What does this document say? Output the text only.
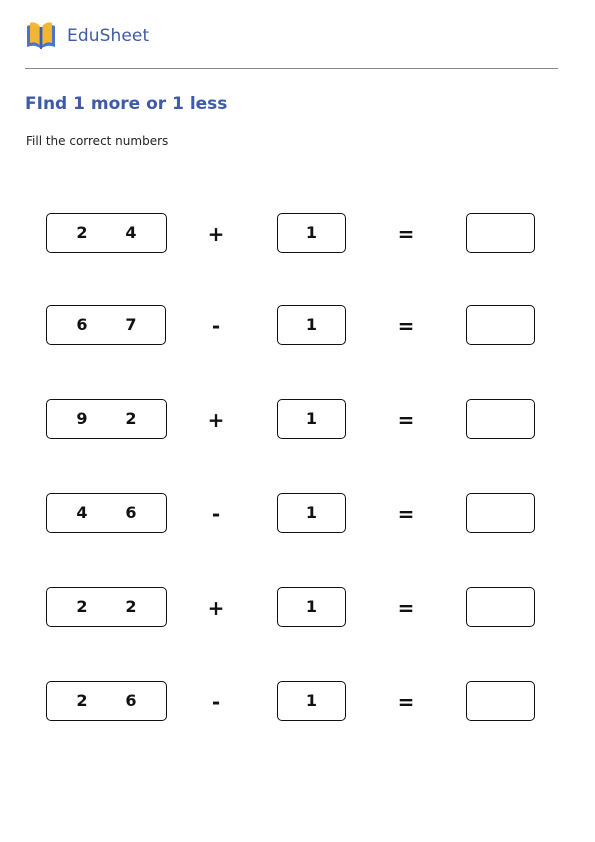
EduSheet
FInd 1 more or 1 less
Fill the correct numbers
2 4	+	1	=
6 7	-	1	=
9 2	+	1	=
4 6	-	1	=
2 2	+	1	=
2 6	-	1	=
